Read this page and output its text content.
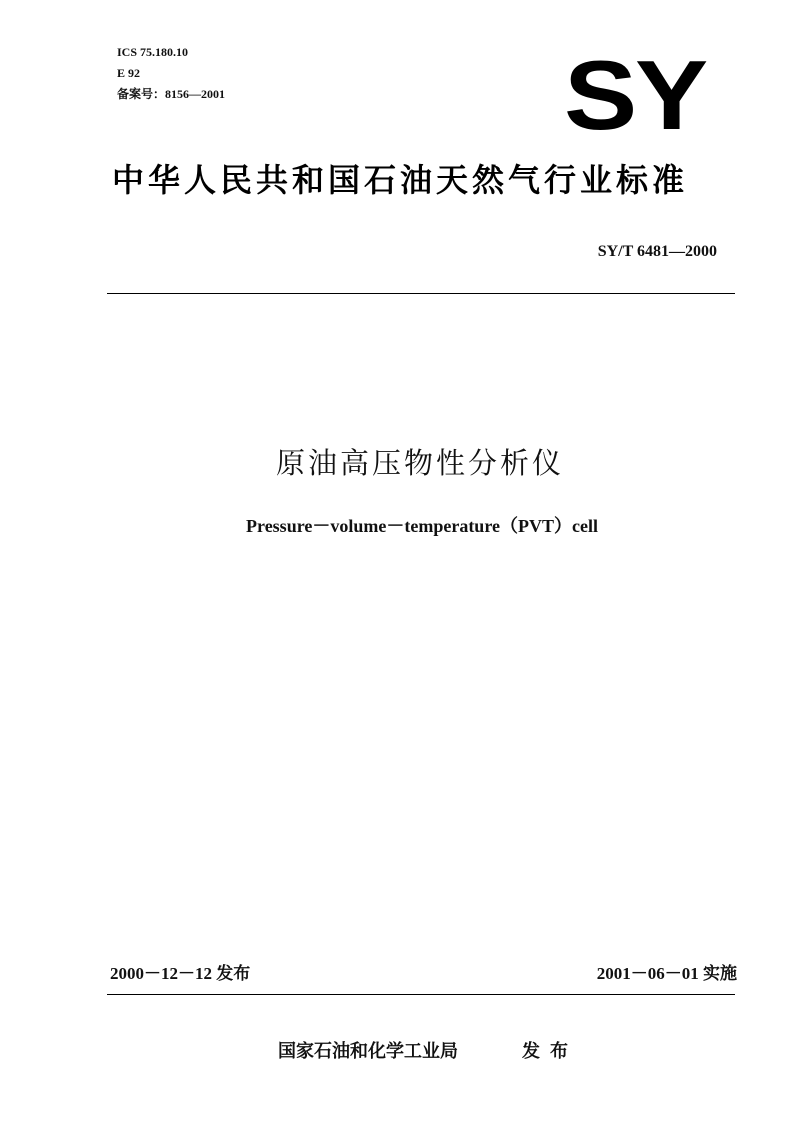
ICS 75.180.10
E 92
备案号：8156—2001	SY
中华人民共和国石油天然气行业标准
SY/T 6481—2000
原油高压物性分析仪
Pressure－volume－temperature（PVT）cell
2000－12－12 发布	2001－06－01 实施
国家石油和化学工业局	发布
